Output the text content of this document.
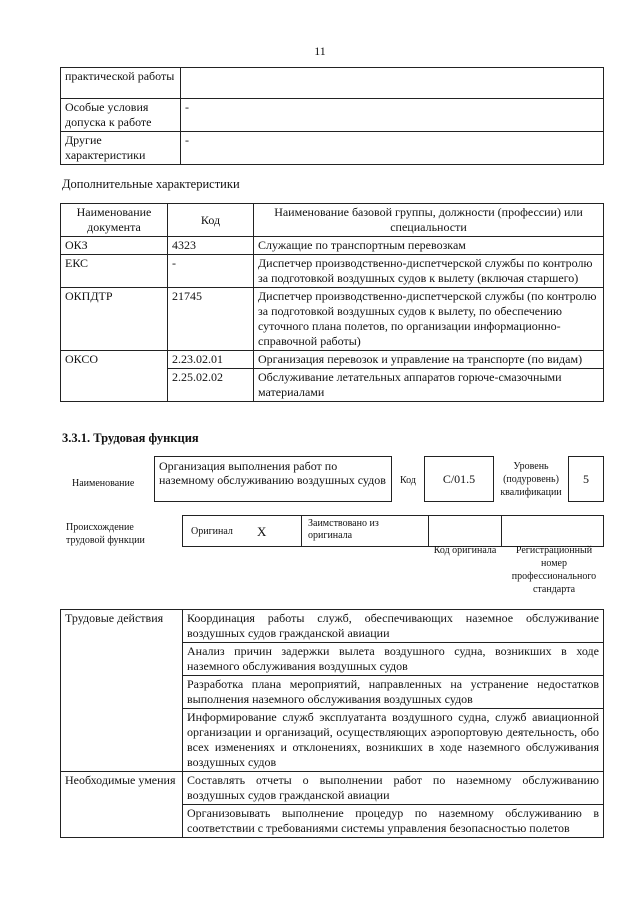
11
практической работы	
Особые условия допуска к работе	-
Другие характеристики	-
Дополнительные характеристики
Наименование документа	Код	Наименование базовой группы, должности (профессии) или специальности
ОКЗ	4323	Служащие по транспортным перевозкам
ЕКС	-	Диспетчер производственно-диспетчерской службы по контролю за подготовкой воздушных судов к вылету (включая старшего)
ОКПДТР	21745	Диспетчер производственно-диспетчерской службы (по контролю за подготовкой воздушных судов к вылету, по обеспечению суточного плана полетов, по организации информационно-справочной работы)
ОКСО	2.23.02.01	Организация перевозок и управление на транспорте (по видам)
	2.25.02.02	Обслуживание летательных аппаратов горюче-смазочными материалами
3.3.1. Трудовая функция
Наименование
Организация выполнения работ по наземному обслуживанию воздушных судов	Код	C/01.5
Уровень (подуровень) квалификации
5
Происхождение трудовой функции
Оригинал X
Заимствовано из оригинала
Код оригинала	Регистрационный номер профессионального стандарта
Трудовые действия	Координация работы служб, обеспечивающих наземное обслуживание воздушных судов гражданской авиации
	Анализ причин задержки вылета воздушного судна, возникших в ходе наземного обслуживания воздушных судов
	Разработка плана мероприятий, направленных на устранение недостатков выполнения наземного обслуживания воздушных судов
	Информирование служб эксплуатанта воздушного судна, служб авиационной организации и организаций, осуществляющих аэропортовую деятельность, обо всех изменениях и отклонениях, возникших в ходе наземного обслуживания воздушных судов
Необходимые умения	Составлять отчеты о выполнении работ по наземному обслуживанию воздушных судов гражданской авиации
	Организовывать выполнение процедур по наземному обслуживанию в соответствии с требованиями системы управления безопасностью полетов
